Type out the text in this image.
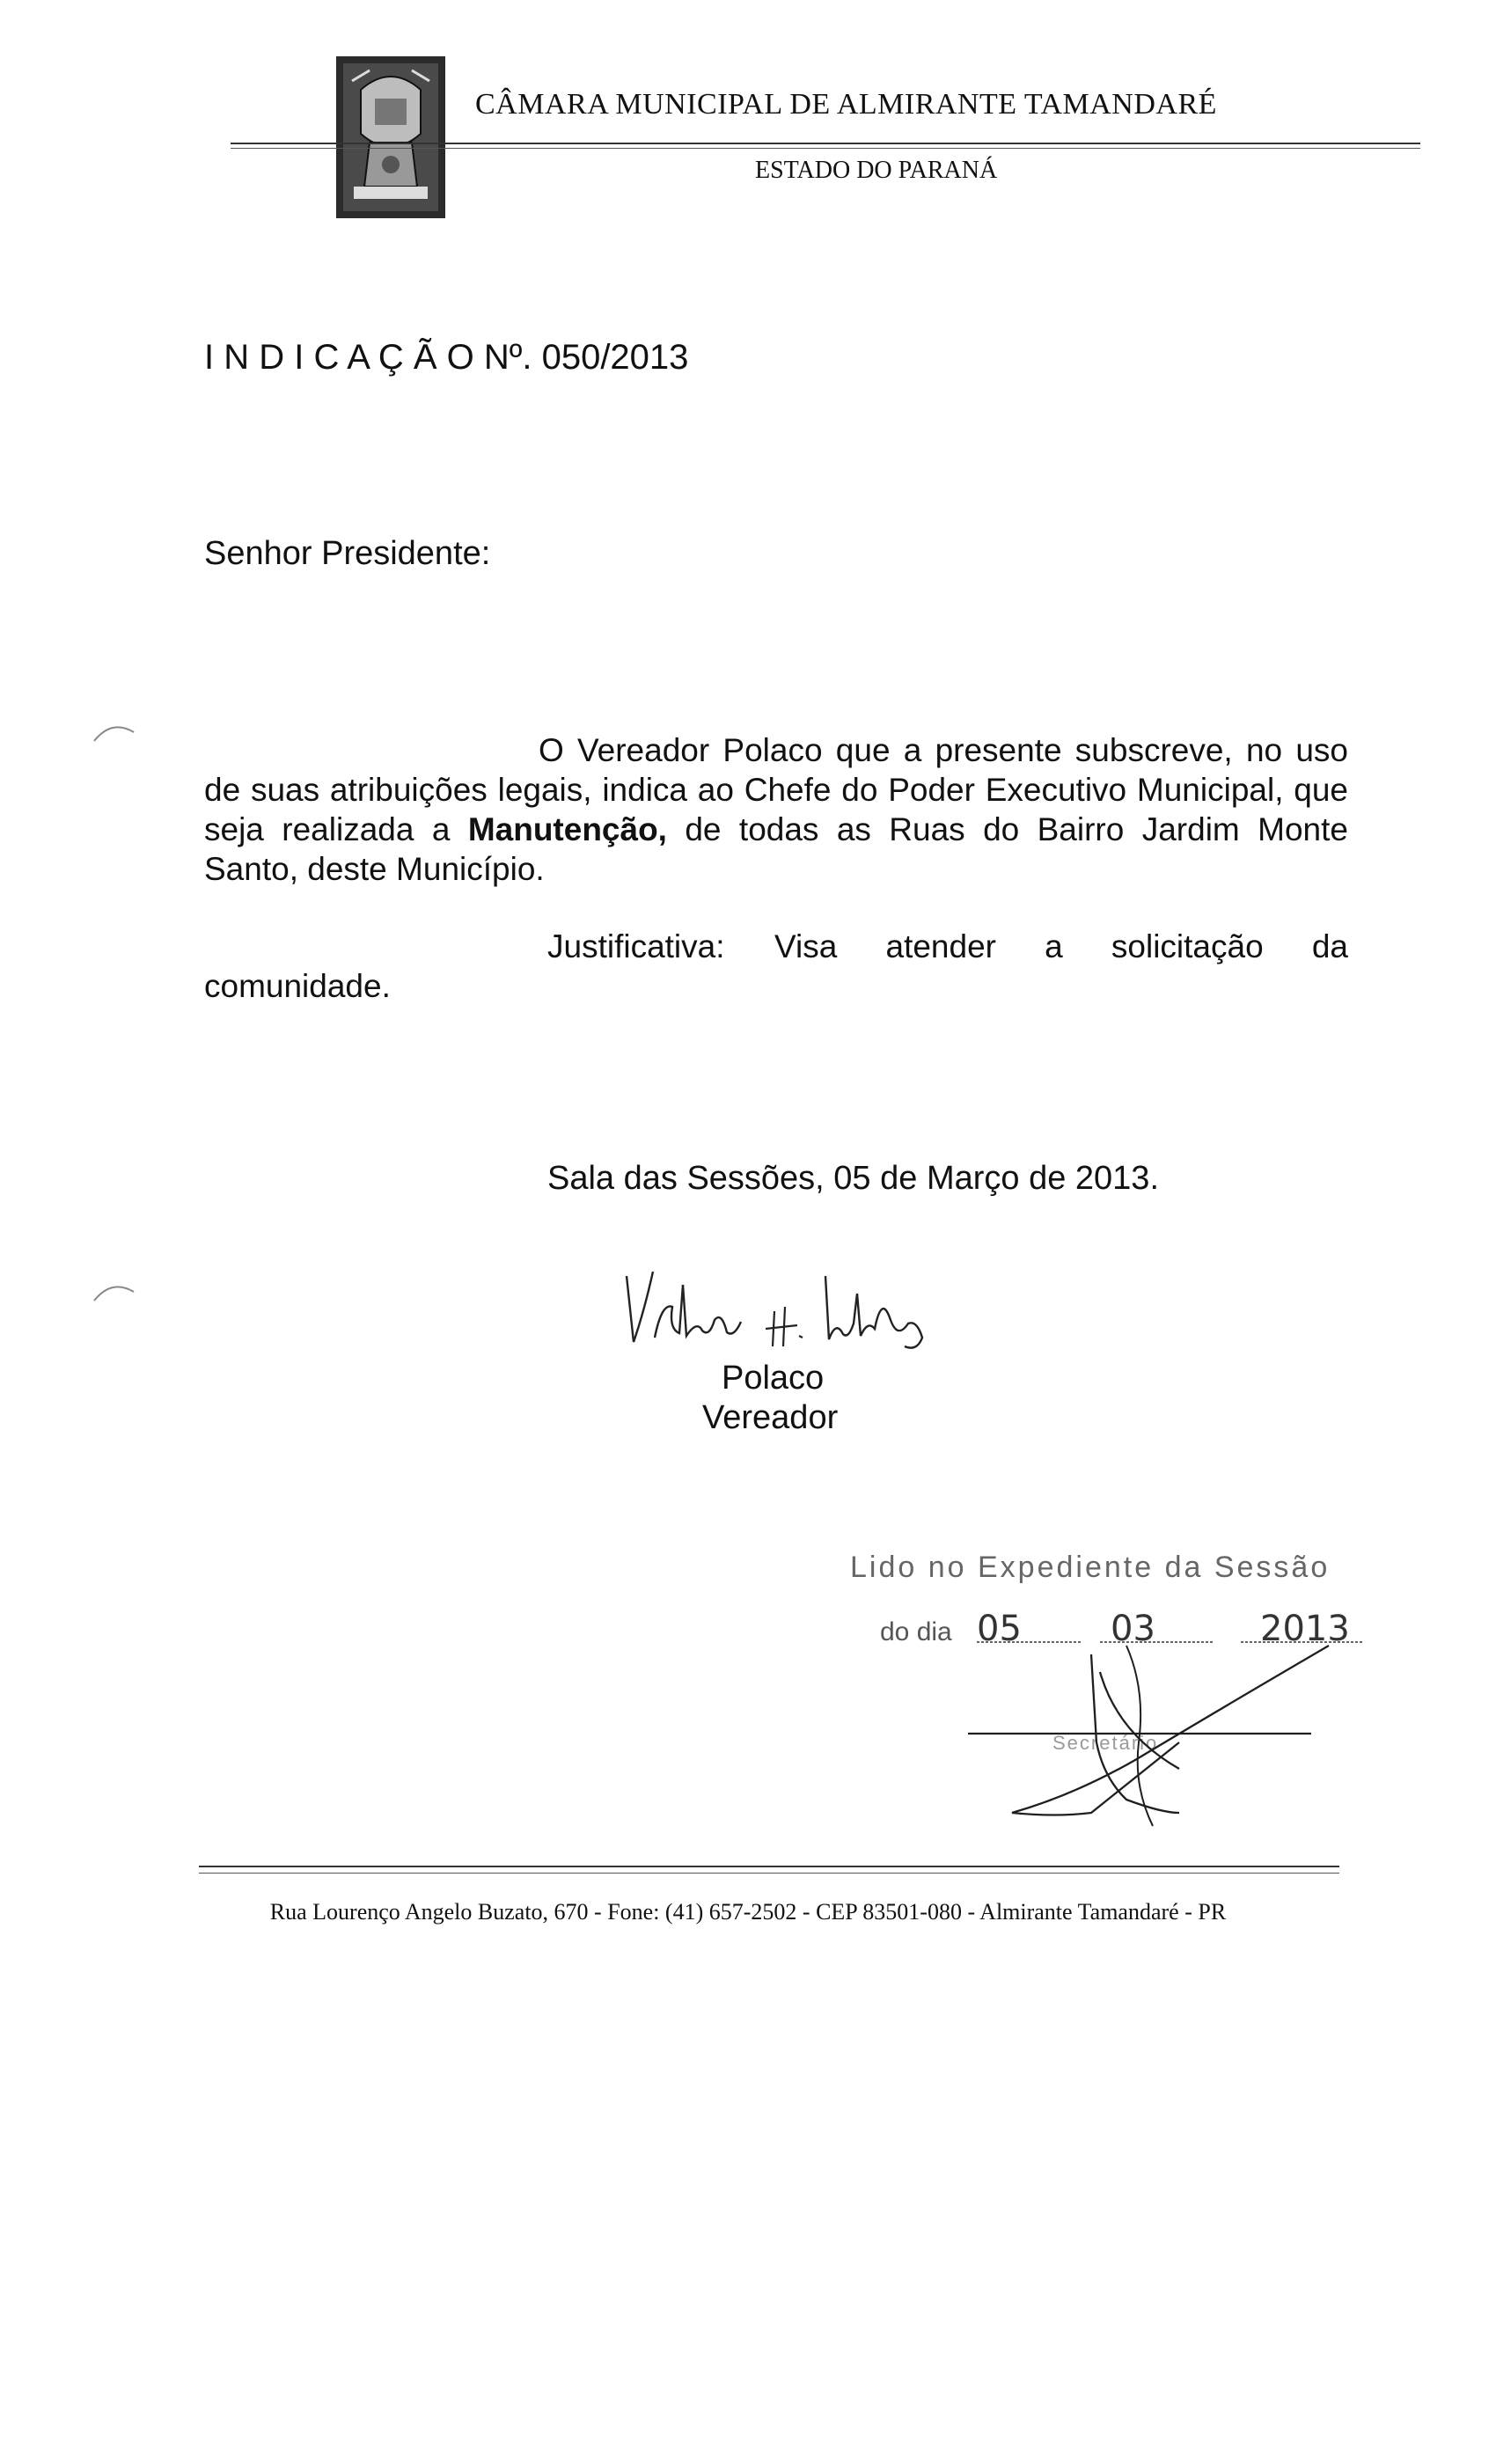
CÂMARA MUNICIPAL DE ALMIRANTE TAMANDARÉ
ESTADO DO PARANÁ
I N D I C A Ç Ã O Nº. 050/2013
Senhor Presidente:

O Vereador Polaco que a presente subscreve, no uso de suas atribuições legais, indica ao Chefe do Poder Executivo Municipal, que seja realizada a Manutenção, de todas as Ruas do Bairro Jardim Monte Santo, deste Município.

Justificativa: Visa atender a solicitação da
comunidade.
Sala das Sessões, 05 de Março de 2013.
Polaco
Vereador
Lido no Expediente da Sessão
do dia 05	03	2013
Secretário
Rua Lourenço Angelo Buzato, 670 - Fone: (41) 657-2502 - CEP 83501-080 - Almirante Tamandaré - PR
